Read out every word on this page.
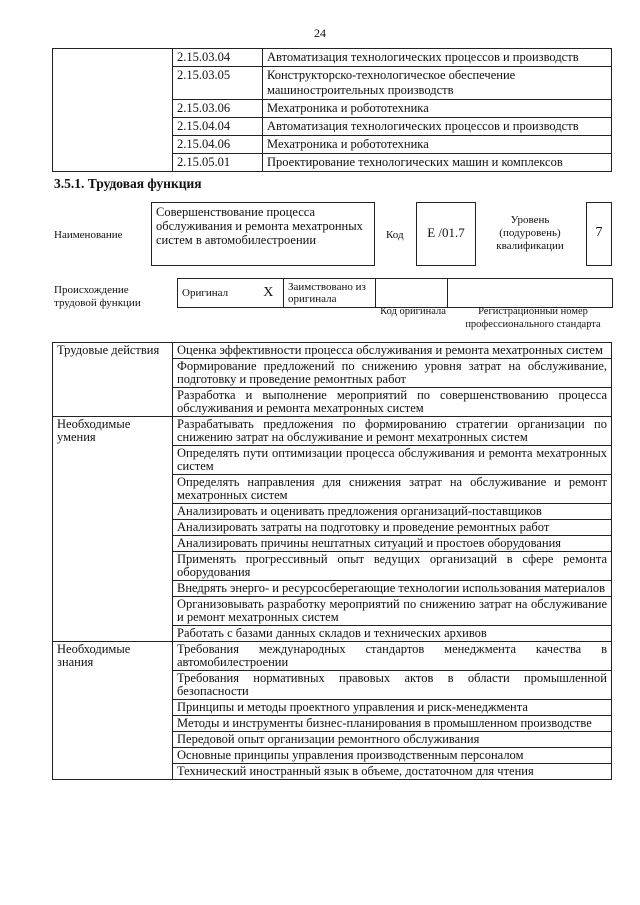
24
	2.15.03.04	Автоматизация технологических процессов и производств
	2.15.03.05	Конструкторско-технологическое обеспечение машиностроительных производств
	2.15.03.06	Мехатроника и робототехника
	2.15.04.04	Автоматизация технологических процессов и производств
	2.15.04.06	Мехатроника и робототехника
	2.15.05.01	Проектирование технологических машин и комплексов
3.5.1. Трудовая функция
Наименование
Совершенствование процесса обслуживания и ремонта мехатронных систем в автомобилестроении	Код	E /01.7
Уровень (подуровень) квалификации
7
Происхождение трудовой функции
Оригинал	X	Заимствовано из оригинала		
Код оригинала	Регистрационный номер профессионального стандарта
Трудовые действия	Оценка эффективности процесса обслуживания и ремонта мехатронных систем
	Формирование предложений по снижению уровня затрат на обслуживание, подготовку и проведение ремонтных работ
	Разработка и выполнение мероприятий по совершенствованию процесса обслуживания и ремонта мехатронных систем
Необходимые умения	Разрабатывать предложения по формированию стратегии организации по снижению затрат на обслуживание и ремонт мехатронных систем
	Определять пути оптимизации процесса обслуживания и ремонта мехатронных систем
	Определять направления для снижения затрат на обслуживание и ремонт мехатронных систем
	Анализировать и оценивать предложения организаций-поставщиков
	Анализировать затраты на подготовку и проведение ремонтных работ
	Анализировать причины нештатных ситуаций и простоев оборудования
	Применять прогрессивный опыт ведущих организаций в сфере ремонта оборудования
	Внедрять энерго- и ресурсосберегающие технологии использования материалов
	Организовывать разработку мероприятий по снижению затрат на обслуживание и ремонт мехатронных систем
	Работать с базами данных складов и технических архивов
Необходимые знания	Требования международных стандартов менеджмента качества в автомобилестроении
	Требования нормативных правовых актов в области промышленной безопасности
	Принципы и методы проектного управления и риск-менеджмента
	Методы и инструменты бизнес-планирования в промышленном производстве
	Передовой опыт организации ремонтного обслуживания
	Основные принципы управления производственным персоналом
	Технический иностранный язык в объеме, достаточном для чтения
